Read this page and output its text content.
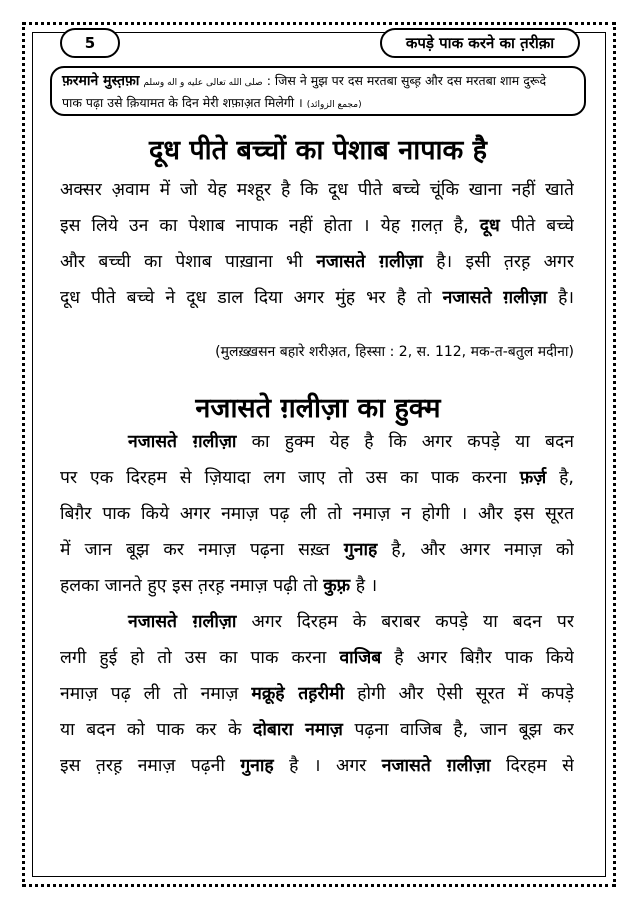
5	कपड़े पाक करने का त़रीक़ा
फ़रमाने मुस्त़फ़ा صلى الله تعالى عليه و اله وسلم : जिस ने मुझ पर दस मरतबा सुब्ह़ और दस मरतबा शाम दुरूदे
पाक पढ़ा उसे क़ियामत के दिन मेरी शफ़ाअ़त मिलेगी । (مجمع الزوائد)
दूध पीते बच्चों का पेशाब नापाक है
अक्सर अ़वाम में जो येह मश्हूर है कि दूध पीते बच्चे चूंकि खाना नहीं खाते
इस लिये उन का पेशाब नापाक नहीं होता । येह ग़लत़ है, दूध पीते बच्चे
और बच्ची का पेशाब पाख़ाना भी नजासते ग़लीज़ा है। इसी त़रह़ अगर
दूध पीते बच्चे ने दूध डाल दिया अगर मुंह भर है तो नजासते ग़लीज़ा है।
(मुलख़्ख़सन बहारे शरीअ़त, हिस्सा : 2, स. 112, मक-त-बतुल मदीना)
नजासते ग़लीज़ा का हुक्म
नजासते ग़लीज़ा का हुक्म येह है कि अगर कपड़े या बदन
पर एक दिरहम से ज़ियादा लग जाए तो उस का पाक करना फ़र्ज़ है,
बिग़ैर पाक किये अगर नमाज़ पढ़ ली तो नमाज़ न होगी । और इस सूरत
में जान बूझ कर नमाज़ पढ़ना सख़्त गुनाह है, और अगर नमाज़ को
हलका जानते हुए इस त़रह़ नमाज़ पढ़ी तो कुफ़्र है ।
नजासते ग़लीज़ा अगर दिरहम के बराबर कपड़े या बदन पर
लगी हुई हो तो उस का पाक करना वाजिब है अगर बिग़ैर पाक किये
नमाज़ पढ़ ली तो नमाज़ मक्रूहे तह़रीमी होगी और ऐसी सूरत में कपड़े
या बदन को पाक कर के दोबारा नमाज़ पढ़ना वाजिब है, जान बूझ कर
इस त़रह़ नमाज़ पढ़नी गुनाह है । अगर नजासते ग़लीज़ा दिरहम से
